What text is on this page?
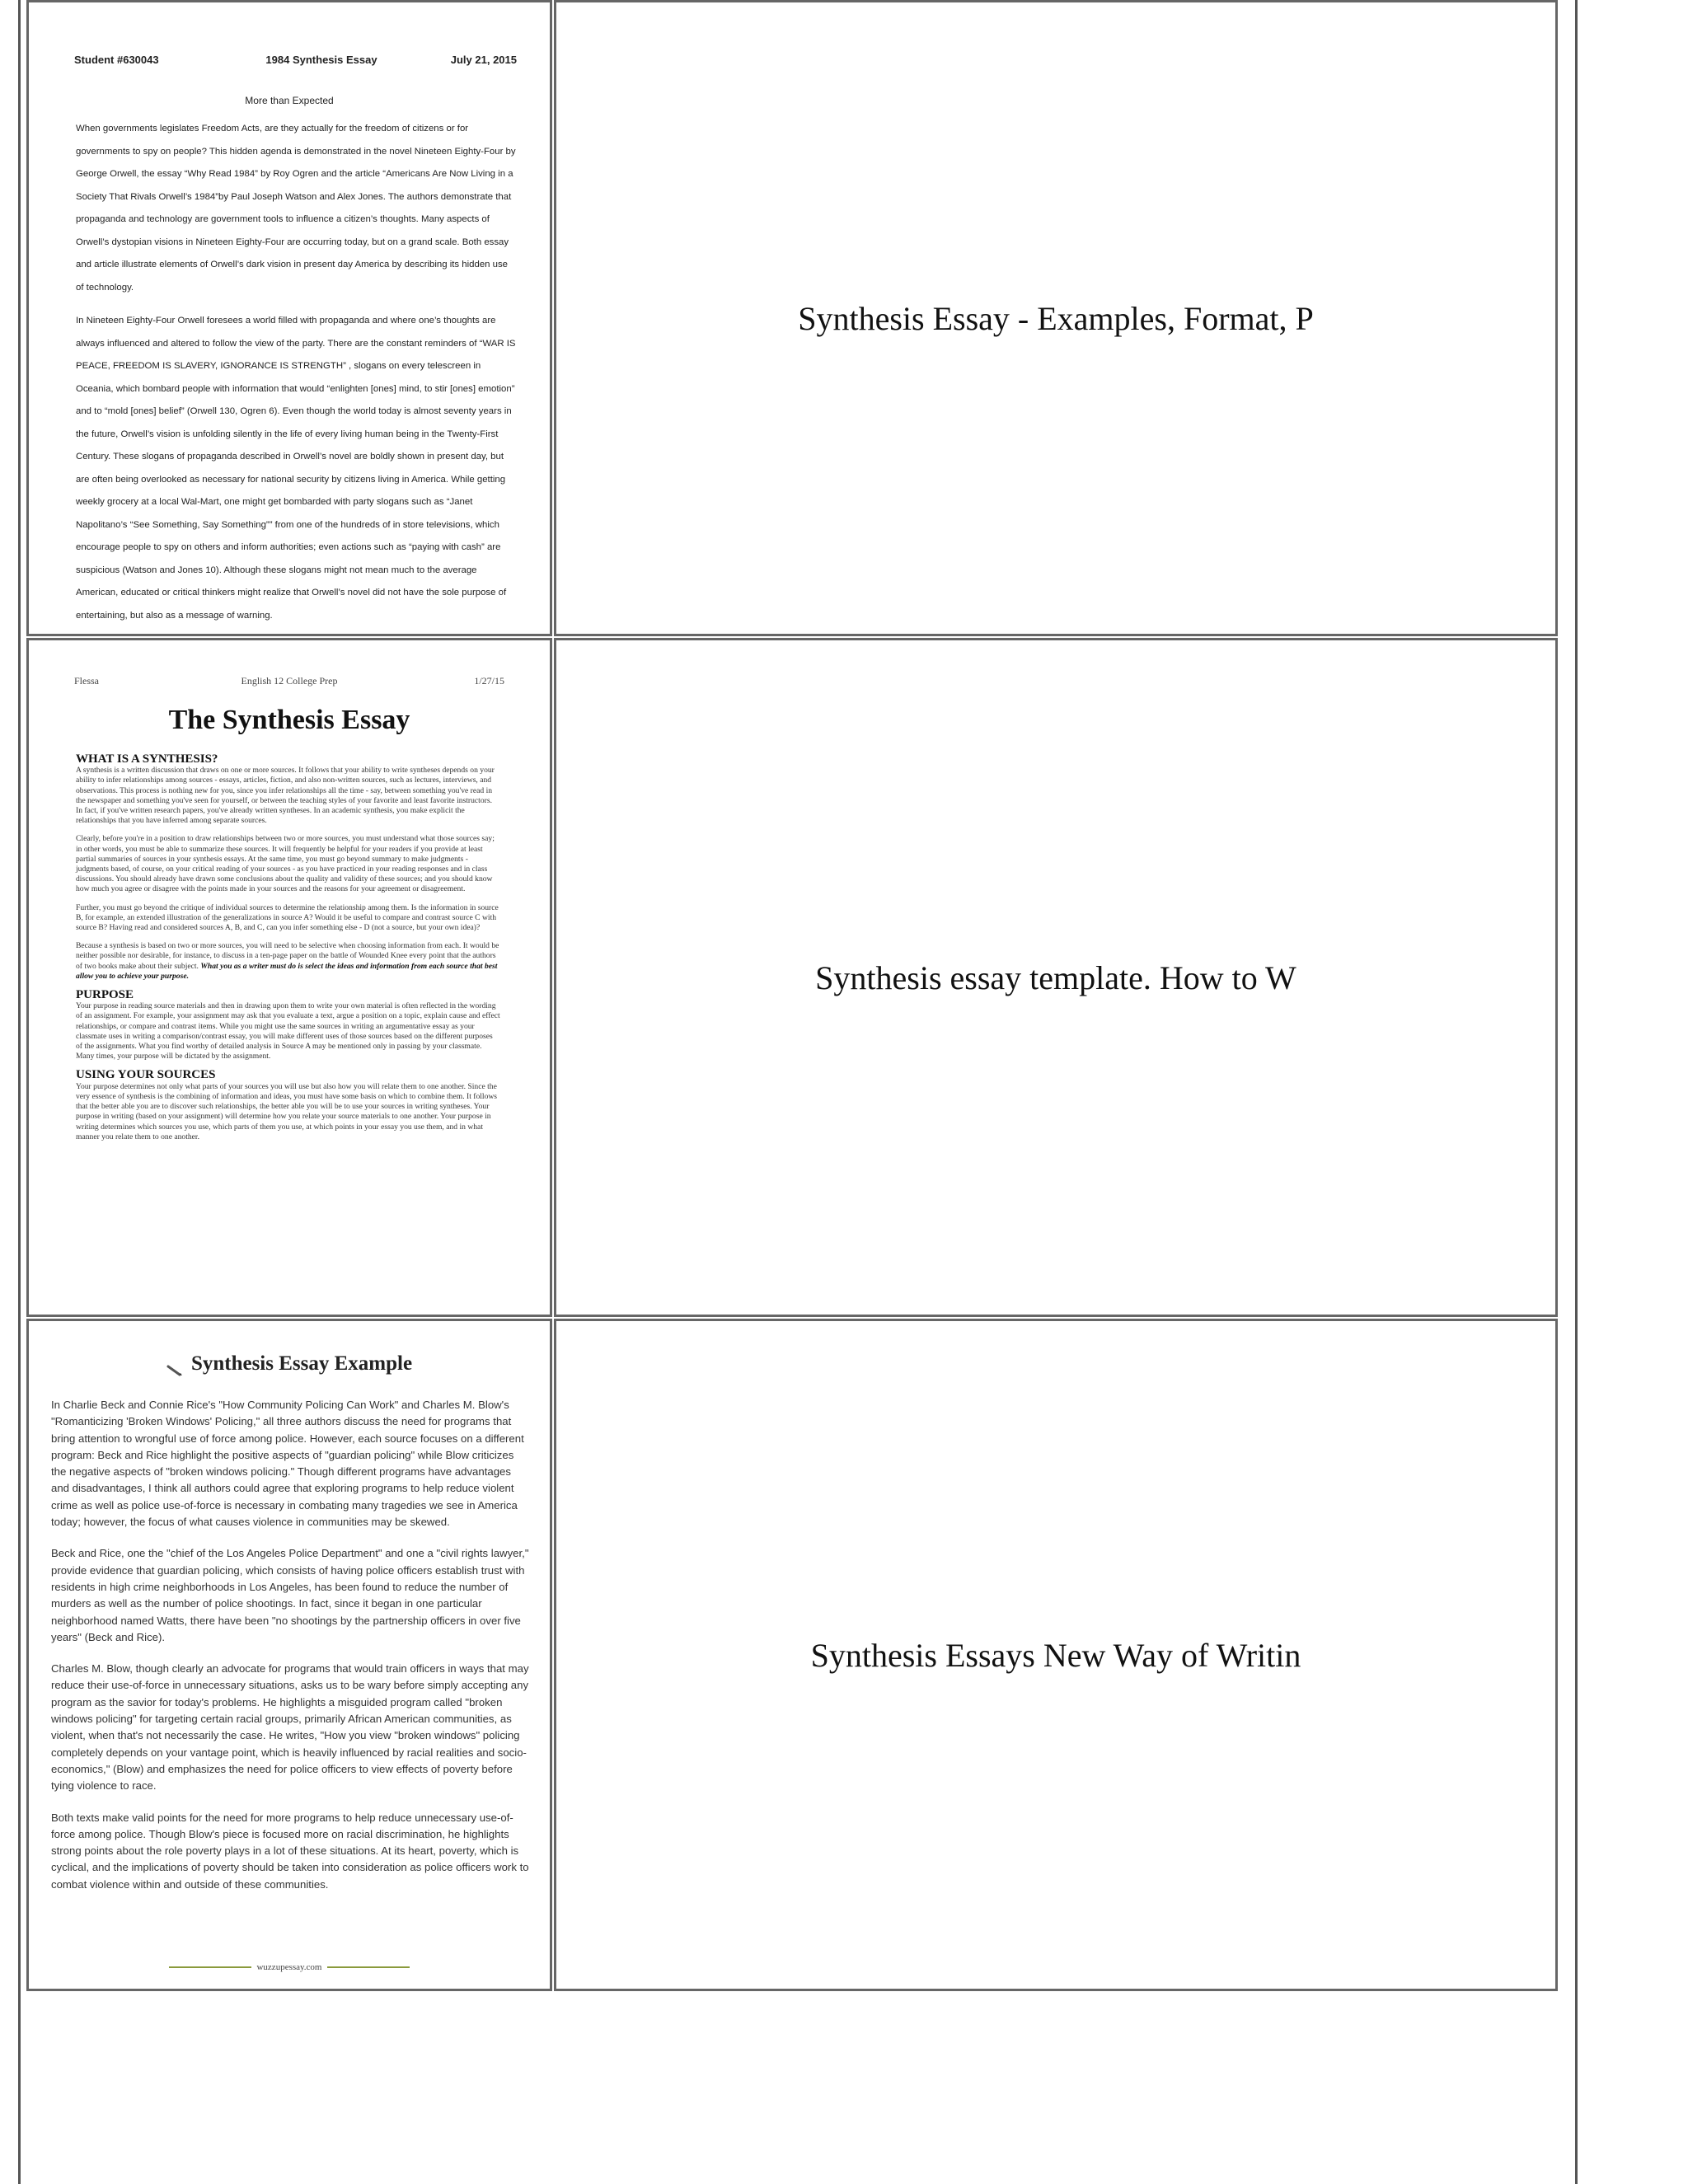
Student #630043	1984 Synthesis Essay	July 21, 2015
More than Expected

When governments legislates Freedom Acts, are they actually for the freedom of citizens or for governments to spy on people? This hidden agenda is demonstrated in the novel Nineteen Eighty-Four by George Orwell, the essay “Why Read 1984” by Roy Ogren and the article “Americans Are Now Living in a Society That Rivals Orwell’s 1984”by Paul Joseph Watson and Alex Jones. The authors demonstrate that propaganda and technology are government tools to influence a citizen’s thoughts. Many aspects of Orwell’s dystopian visions in Nineteen Eighty-Four are occurring today, but on a grand scale. Both essay and article illustrate elements of Orwell’s dark vision in present day America by describing its hidden use of technology.

In Nineteen Eighty-Four Orwell foresees a world filled with propaganda and where one’s thoughts are always influenced and altered to follow the view of the party. There are the constant reminders of “WAR IS PEACE, FREEDOM IS SLAVERY, IGNORANCE IS STRENGTH” , slogans on every telescreen in Oceania, which bombard people with information that would “enlighten [ones] mind, to stir [ones] emotion” and to “mold [ones] belief” (Orwell 130, Ogren 6). Even though the world today is almost seventy years in the future, Orwell’s vision is unfolding silently in the life of every living human being in the Twenty-First Century. These slogans of propaganda described in Orwell’s novel are boldly shown in present day, but are often being overlooked as necessary for national security by citizens living in America. While getting weekly grocery at a local Wal-Mart, one might get bombarded with party slogans such as “Janet Napolitano’s “See Something, Say Something”” from one of the hundreds of in store televisions, which encourage people to spy on others and inform authorities; even actions such as “paying with cash” are suspicious (Watson and Jones 10). Although these slogans might not mean much to the average American, educated or critical thinkers might realize that Orwell’s novel did not have the sole purpose of entertaining, but also as a message of warning.

Synthesis Essay - Examples, Format, P
Flessa	English 12 College Prep	1/27/15
The Synthesis Essay
WHAT IS A SYNTHESIS?

A synthesis is a written discussion that draws on one or more sources. It follows that your ability to write syntheses depends on your ability to infer relationships among sources - essays, articles, fiction, and also non-written sources, such as lectures, interviews, and observations. This process is nothing new for you, since you infer relationships all the time - say, between something you've read in the newspaper and something you've seen for yourself, or between the teaching styles of your favorite and least favorite instructors. In fact, if you've written research papers, you've already written syntheses. In an academic synthesis, you make explicit the relationships that you have inferred among separate sources.

Clearly, before you're in a position to draw relationships between two or more sources, you must understand what those sources say; in other words, you must be able to summarize these sources. It will frequently be helpful for your readers if you provide at least partial summaries of sources in your synthesis essays. At the same time, you must go beyond summary to make judgments - judgments based, of course, on your critical reading of your sources - as you have practiced in your reading responses and in class discussions. You should already have drawn some conclusions about the quality and validity of these sources; and you should know how much you agree or disagree with the points made in your sources and the reasons for your agreement or disagreement.

Further, you must go beyond the critique of individual sources to determine the relationship among them. Is the information in source B, for example, an extended illustration of the generalizations in source A? Would it be useful to compare and contrast source C with source B? Having read and considered sources A, B, and C, can you infer something else - D (not a source, but your own idea)?

Because a synthesis is based on two or more sources, you will need to be selective when choosing information from each. It would be neither possible nor desirable, for instance, to discuss in a ten-page paper on the battle of Wounded Knee every point that the authors of two books make about their subject. What you as a writer must do is select the ideas and information from each source that best allow you to achieve your purpose.

PURPOSE

Your purpose in reading source materials and then in drawing upon them to write your own material is often reflected in the wording of an assignment. For example, your assignment may ask that you evaluate a text, argue a position on a topic, explain cause and effect relationships, or compare and contrast items. While you might use the same sources in writing an argumentative essay as your classmate uses in writing a comparison/contrast essay, you will make different uses of those sources based on the different purposes of the assignments. What you find worthy of detailed analysis in Source A may be mentioned only in passing by your classmate. Many times, your purpose will be dictated by the assignment.

USING YOUR SOURCES

Your purpose determines not only what parts of your sources you will use but also how you will relate them to one another. Since the very essence of synthesis is the combining of information and ideas, you must have some basis on which to combine them. It follows that the better able you are to discover such relationships, the better able you will be to use your sources in writing syntheses. Your purpose in writing (based on your assignment) will determine how you relate your source materials to one another. Your purpose in writing determines which sources you use, which parts of them you use, at which points in your essay you use them, and in what manner you relate them to one another.

Synthesis essay template. How to W
Synthesis Essay Example

In Charlie Beck and Connie Rice's "How Community Policing Can Work" and Charles M. Blow's "Romanticizing 'Broken Windows' Policing," all three authors discuss the need for programs that bring attention to wrongful use of force among police. However, each source focuses on a different program: Beck and Rice highlight the positive aspects of "guardian policing" while Blow criticizes the negative aspects of "broken windows policing." Though different programs have advantages and disadvantages, I think all authors could agree that exploring programs to help reduce violent crime as well as police use-of-force is necessary in combating many tragedies we see in America today; however, the focus of what causes violence in communities may be skewed.

Beck and Rice, one the "chief of the Los Angeles Police Department" and one a "civil rights lawyer," provide evidence that guardian policing, which consists of having police officers establish trust with residents in high crime neighborhoods in Los Angeles, has been found to reduce the number of murders as well as the number of police shootings. In fact, since it began in one particular neighborhood named Watts, there have been "no shootings by the partnership officers in over five years" (Beck and Rice).

Charles M. Blow, though clearly an advocate for programs that would train officers in ways that may reduce their use-of-force in unnecessary situations, asks us to be wary before simply accepting any program as the savior for today's problems. He highlights a misguided program called "broken windows policing" for targeting certain racial groups, primarily African American communities, as violent, when that's not necessarily the case. He writes, "How you view "broken windows" policing completely depends on your vantage point, which is heavily influenced by racial realities and socio-economics," (Blow) and emphasizes the need for police officers to view effects of poverty before tying violence to race.

Both texts make valid points for the need for more programs to help reduce unnecessary use-of-force among police. Though Blow's piece is focused more on racial discrimination, he highlights strong points about the role poverty plays in a lot of these situations. At its heart, poverty, which is cyclical, and the implications of poverty should be taken into consideration as police officers work to combat violence within and outside of these communities.

wuzzupessay.com
Synthesis Essays New Way of Writin
